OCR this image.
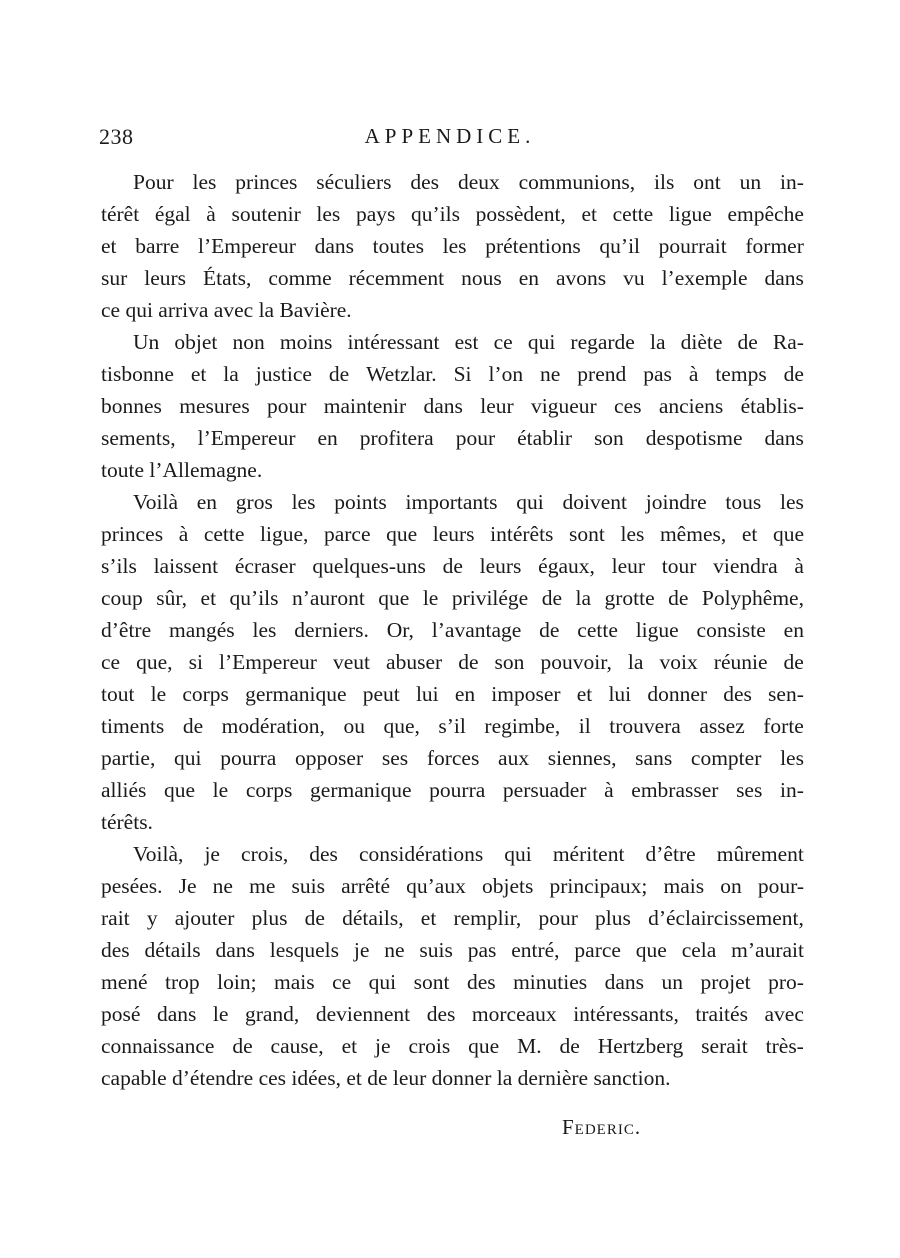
238	APPENDICE.
Pour les princes séculiers des deux communions, ils ont un in-
térêt égal à soutenir les pays qu’ils possèdent, et cette ligue empêche
et barre l’Empereur dans toutes les prétentions qu’il pourrait former
sur leurs États, comme récemment nous en avons vu l’exemple dans
ce qui arriva avec la Bavière.
Un objet non moins intéressant est ce qui regarde la diète de Ra-
tisbonne et la justice de Wetzlar. Si l’on ne prend pas à temps de
bonnes mesures pour maintenir dans leur vigueur ces anciens établis-
sements, l’Empereur en profitera pour établir son despotisme dans
toute l’Allemagne.
Voilà en gros les points importants qui doivent joindre tous les
princes à cette ligue, parce que leurs intérêts sont les mêmes, et que
s’ils laissent écraser quelques-uns de leurs égaux, leur tour viendra à
coup sûr, et qu’ils n’auront que le privilége de la grotte de Polyphême,
d’être mangés les derniers. Or, l’avantage de cette ligue consiste en
ce que, si l’Empereur veut abuser de son pouvoir, la voix réunie de
tout le corps germanique peut lui en imposer et lui donner des sen-
timents de modération, ou que, s’il regimbe, il trouvera assez forte
partie, qui pourra opposer ses forces aux siennes, sans compter les
alliés que le corps germanique pourra persuader à embrasser ses in-
térêts.
Voilà, je crois, des considérations qui méritent d’être mûrement
pesées. Je ne me suis arrêté qu’aux objets principaux; mais on pour-
rait y ajouter plus de détails, et remplir, pour plus d’éclaircissement,
des détails dans lesquels je ne suis pas entré, parce que cela m’aurait
mené trop loin; mais ce qui sont des minuties dans un projet pro-
posé dans le grand, deviennent des morceaux intéressants, traités avec
connaissance de cause, et je crois que M. de Hertzberg serait très-
capable d’étendre ces idées, et de leur donner la dernière sanction.
Federic.
